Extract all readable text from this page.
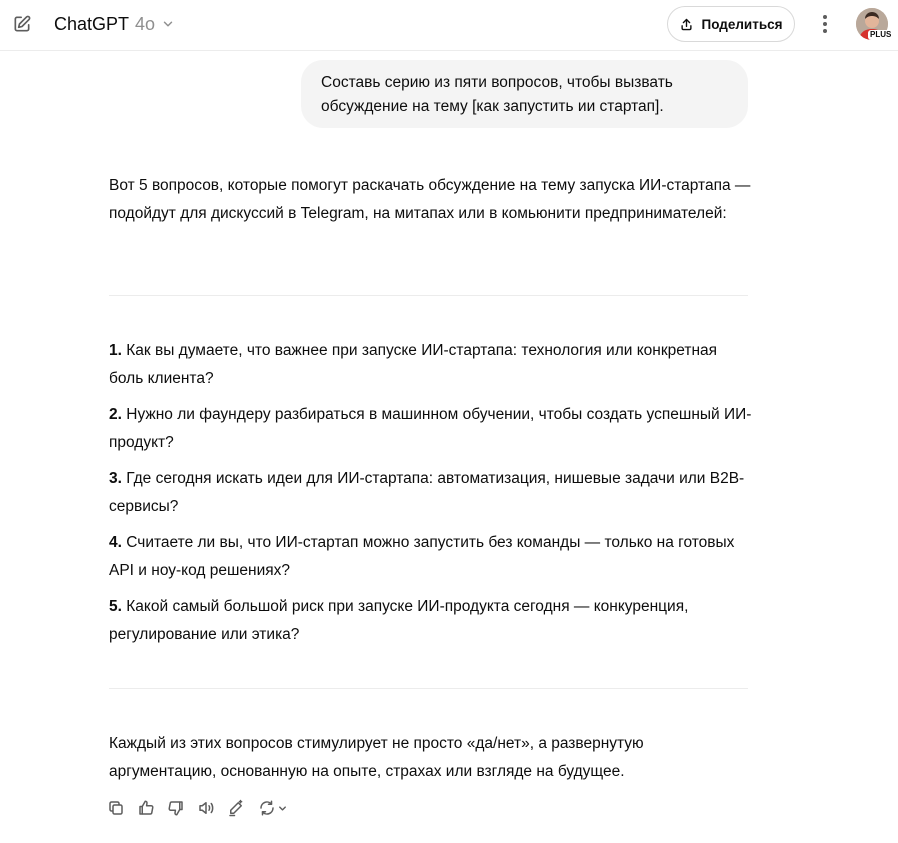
ChatGPT 4o	Поделиться
PLUS
Составь серию из пяти вопросов, чтобы вызвать обсуждение на тему [как запустить ии стартап].
Вот 5 вопросов, которые помогут раскачать обсуждение на тему запуска ИИ-стартапа — подойдут для дискуссий в Telegram, на митапах или в комьюнити предпринимателей:
1. Как вы думаете, что важнее при запуске ИИ-стартапа: технология или конкретная боль клиента?
2. Нужно ли фаундеру разбираться в машинном обучении, чтобы создать успешный ИИ-продукт?
3. Где сегодня искать идеи для ИИ-стартапа: автоматизация, нишевые задачи или B2B-сервисы?
4. Считаете ли вы, что ИИ-стартап можно запустить без команды — только на готовых API и ноу-код решениях?
5. Какой самый большой риск при запуске ИИ-продукта сегодня — конкуренция, регулирование или этика?
Каждый из этих вопросов стимулирует не просто «да/нет», а развернутую аргументацию, основанную на опыте, страхах или взгляде на будущее.
